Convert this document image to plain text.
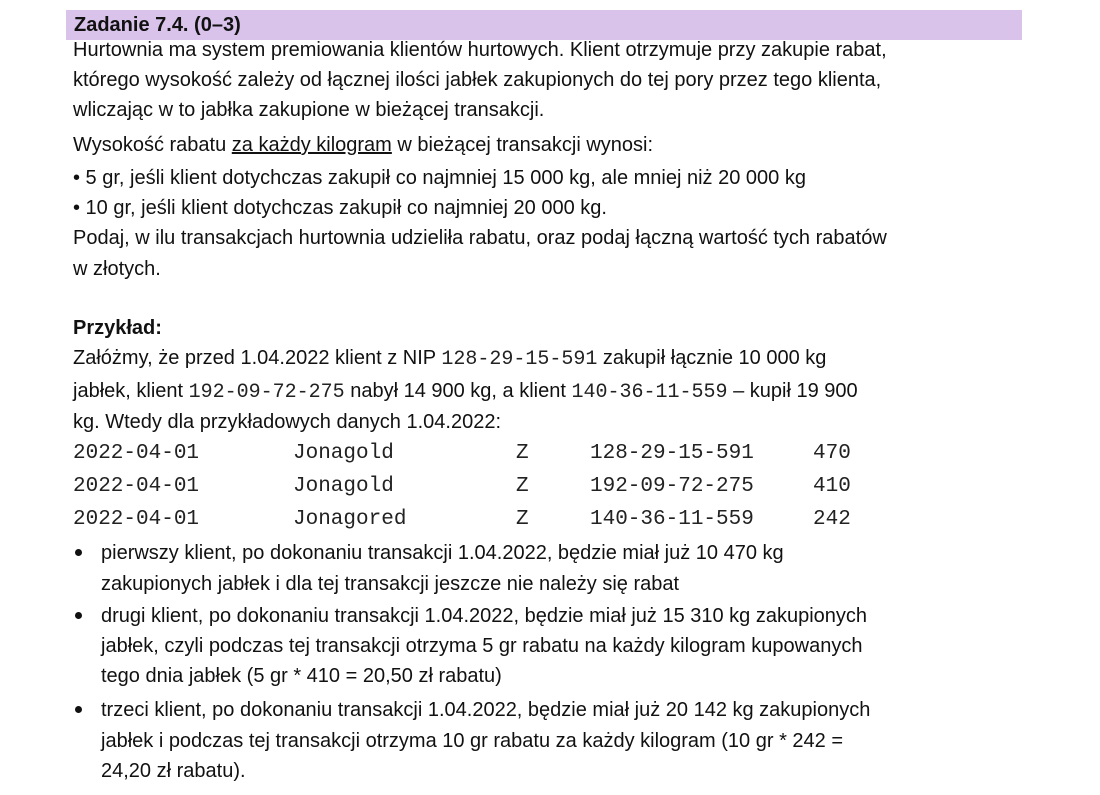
Zadanie 7.4. (0–3)
Hurtownia ma system premiowania klientów hurtowych. Klient otrzymuje przy zakupie rabat,
którego wysokość zależy od łącznej ilości jabłek zakupionych do tej pory przez tego klienta,
wliczając w to jabłka zakupione w bieżącej transakcji.
Wysokość rabatu za każdy kilogram w bieżącej transakcji wynosi:
• 5 gr, jeśli klient dotychczas zakupił co najmniej 15 000 kg, ale mniej niż 20 000 kg
• 10 gr, jeśli klient dotychczas zakupił co najmniej 20 000 kg.
Podaj, w ilu transakcjach hurtownia udzieliła rabatu, oraz podaj łączną wartość tych rabatów
w złotych.
Przykład:
Załóżmy, że przed 1.04.2022 klient z NIP 128-29-15-591 zakupił łącznie 10 000 kg
jabłek, klient 192-09-72-275 nabył 14 900 kg, a klient 140-36-11-559 – kupił 19 900
kg. Wtedy dla przykładowych danych 1.04.2022:
2022-04-01	Jonagold	Z	128-29-15-591	470
2022-04-01	Jonagold	Z	192-09-72-275	410
2022-04-01	Jonagored	Z	140-36-11-559	242
pierwszy klient, po dokonaniu transakcji 1.04.2022, będzie miał już 10 470 kg
zakupionych jabłek i dla tej transakcji jeszcze nie należy się rabat
drugi klient, po dokonaniu transakcji 1.04.2022, będzie miał już 15 310 kg zakupionych
jabłek, czyli podczas tej transakcji otrzyma 5 gr rabatu na każdy kilogram kupowanych
tego dnia jabłek (5 gr * 410 = 20,50 zł rabatu)
trzeci klient, po dokonaniu transakcji 1.04.2022, będzie miał już 20 142 kg zakupionych
jabłek i podczas tej transakcji otrzyma 10 gr rabatu za każdy kilogram (10 gr * 242 =
24,20 zł rabatu).
